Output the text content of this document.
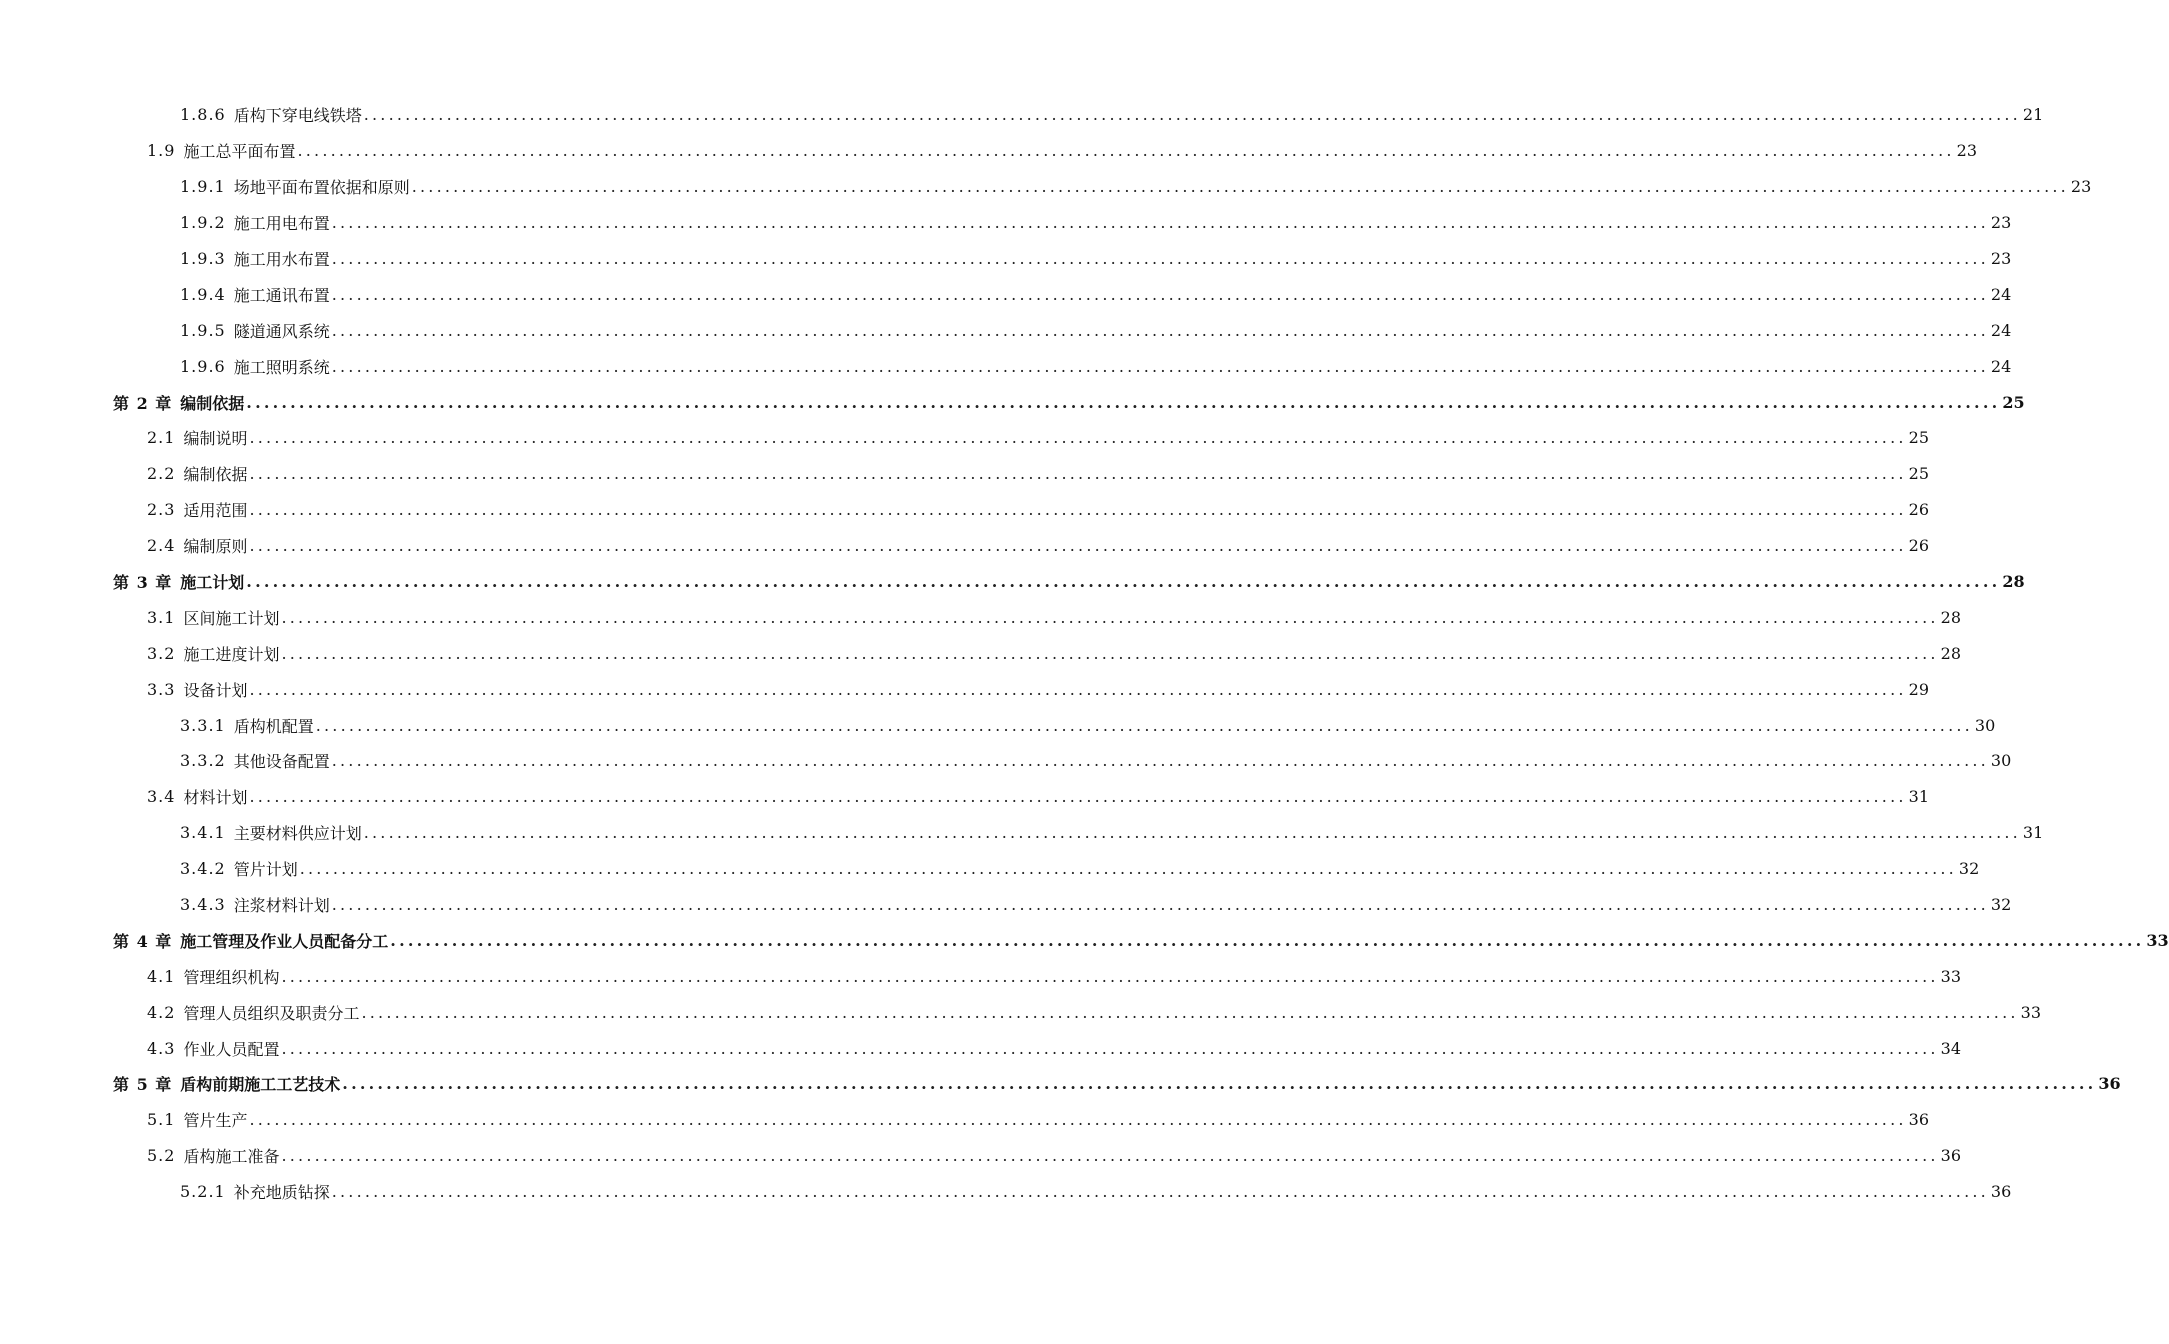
1.8.6 盾构下穿电线铁塔 ........................................................................................................................................................................................................ 21
1.9 施工总平面布置 ........................................................................................................................................................................................................ 23
1.9.1 场地平面布置依据和原则 ........................................................................................................................................................................................................ 23
1.9.2 施工用电布置 ........................................................................................................................................................................................................ 23
1.9.3 施工用水布置 ........................................................................................................................................................................................................ 23
1.9.4 施工通讯布置 ........................................................................................................................................................................................................ 24
1.9.5 隧道通风系统 ........................................................................................................................................................................................................ 24
1.9.6 施工照明系统 ........................................................................................................................................................................................................ 24
第 2 章 编制依据 ........................................................................................................................................................................................................ 25
2.1 编制说明 ........................................................................................................................................................................................................ 25
2.2 编制依据 ........................................................................................................................................................................................................ 25
2.3 适用范围 ........................................................................................................................................................................................................ 26
2.4 编制原则 ........................................................................................................................................................................................................ 26
第 3 章 施工计划 ........................................................................................................................................................................................................ 28
3.1 区间施工计划 ........................................................................................................................................................................................................ 28
3.2 施工进度计划 ........................................................................................................................................................................................................ 28
3.3 设备计划 ........................................................................................................................................................................................................ 29
3.3.1 盾构机配置 ........................................................................................................................................................................................................ 30
3.3.2 其他设备配置 ........................................................................................................................................................................................................ 30
3.4 材料计划 ........................................................................................................................................................................................................ 31
3.4.1 主要材料供应计划 ........................................................................................................................................................................................................ 31
3.4.2 管片计划 ........................................................................................................................................................................................................ 32
3.4.3 注浆材料计划 ........................................................................................................................................................................................................ 32
第 4 章 施工管理及作业人员配备分工 ........................................................................................................................................................................................................ 33
4.1 管理组织机构 ........................................................................................................................................................................................................ 33
4.2 管理人员组织及职责分工 ........................................................................................................................................................................................................ 33
4.3 作业人员配置 ........................................................................................................................................................................................................ 34
第 5 章 盾构前期施工工艺技术 ........................................................................................................................................................................................................ 36
5.1 管片生产 ........................................................................................................................................................................................................ 36
5.2 盾构施工准备 ........................................................................................................................................................................................................ 36
5.2.1 补充地质钻探 ........................................................................................................................................................................................................ 36
